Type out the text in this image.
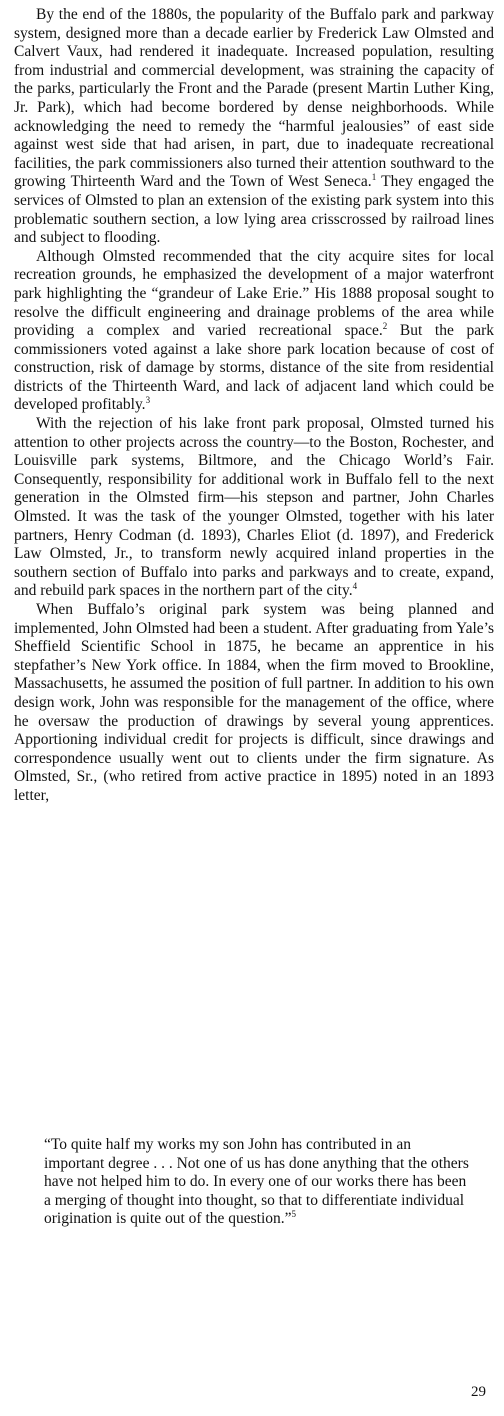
By the end of the 1880s, the popularity of the Buffalo park and parkway system, designed more than a decade earlier by Frederick Law Olmsted and Calvert Vaux, had rendered it inadequate. Increased population, resulting from industrial and commercial development, was straining the capacity of the parks, particularly the Front and the Parade (present Martin Luther King, Jr. Park), which had become bordered by dense neighborhoods. While acknowledging the need to remedy the “harmful jealousies” of east side against west side that had arisen, in part, due to inadequate recreational facilities, the park commissioners also turned their attention southward to the growing Thirteenth Ward and the Town of West Seneca.$^1$ They engaged the services of Olmsted to plan an extension of the existing park system into this problematic southern section, a low lying area crisscrossed by railroad lines and subject to flooding.

Although Olmsted recommended that the city acquire sites for local recreation grounds, he emphasized the development of a major waterfront park highlighting the “grandeur of Lake Erie.” His 1888 proposal sought to resolve the difficult engineering and drainage problems of the area while providing a complex and varied recreational space.$^2$ But the park commissioners voted against a lake shore park location because of cost of construction, risk of damage by storms, distance of the site from residential districts of the Thirteenth Ward, and lack of adjacent land which could be developed profitably.$^3$

With the rejection of his lake front park proposal, Olmsted turned his attention to other projects across the country—to the Boston, Rochester, and Louisville park systems, Biltmore, and the Chicago World’s Fair. Consequently, responsibility for additional work in Buffalo fell to the next generation in the Olmsted firm—his stepson and partner, John Charles Olmsted. It was the task of the younger Olmsted, together with his later partners, Henry Codman (d. 1893), Charles Eliot (d. 1897), and Frederick Law Olmsted, Jr., to transform newly acquired inland properties in the southern section of Buffalo into parks and parkways and to create, expand, and rebuild park spaces in the northern part of the city.$^4$

When Buffalo’s original park system was being planned and implemented, John Olmsted had been a student. After graduating from Yale’s Sheffield Scientific School in 1875, he became an apprentice in his stepfather’s New York office. In 1884, when the firm moved to Brookline, Massachusetts, he assumed the position of full partner. In addition to his own design work, John was responsible for the management of the office, where he oversaw the production of drawings by several young apprentices. Apportioning individual credit for projects is difficult, since drawings and correspondence usually went out to clients under the firm signature. As Olmsted, Sr., (who retired from active practice in 1895) noted in an 1893 letter,

“To quite half my works my son John has contributed in an important degree . . . Not one of us has done anything that the others have not helped him to do. In every one of our works there has been a merging of thought into thought, so that to differentiate individual origination is quite out of the question.”$^5$

29
